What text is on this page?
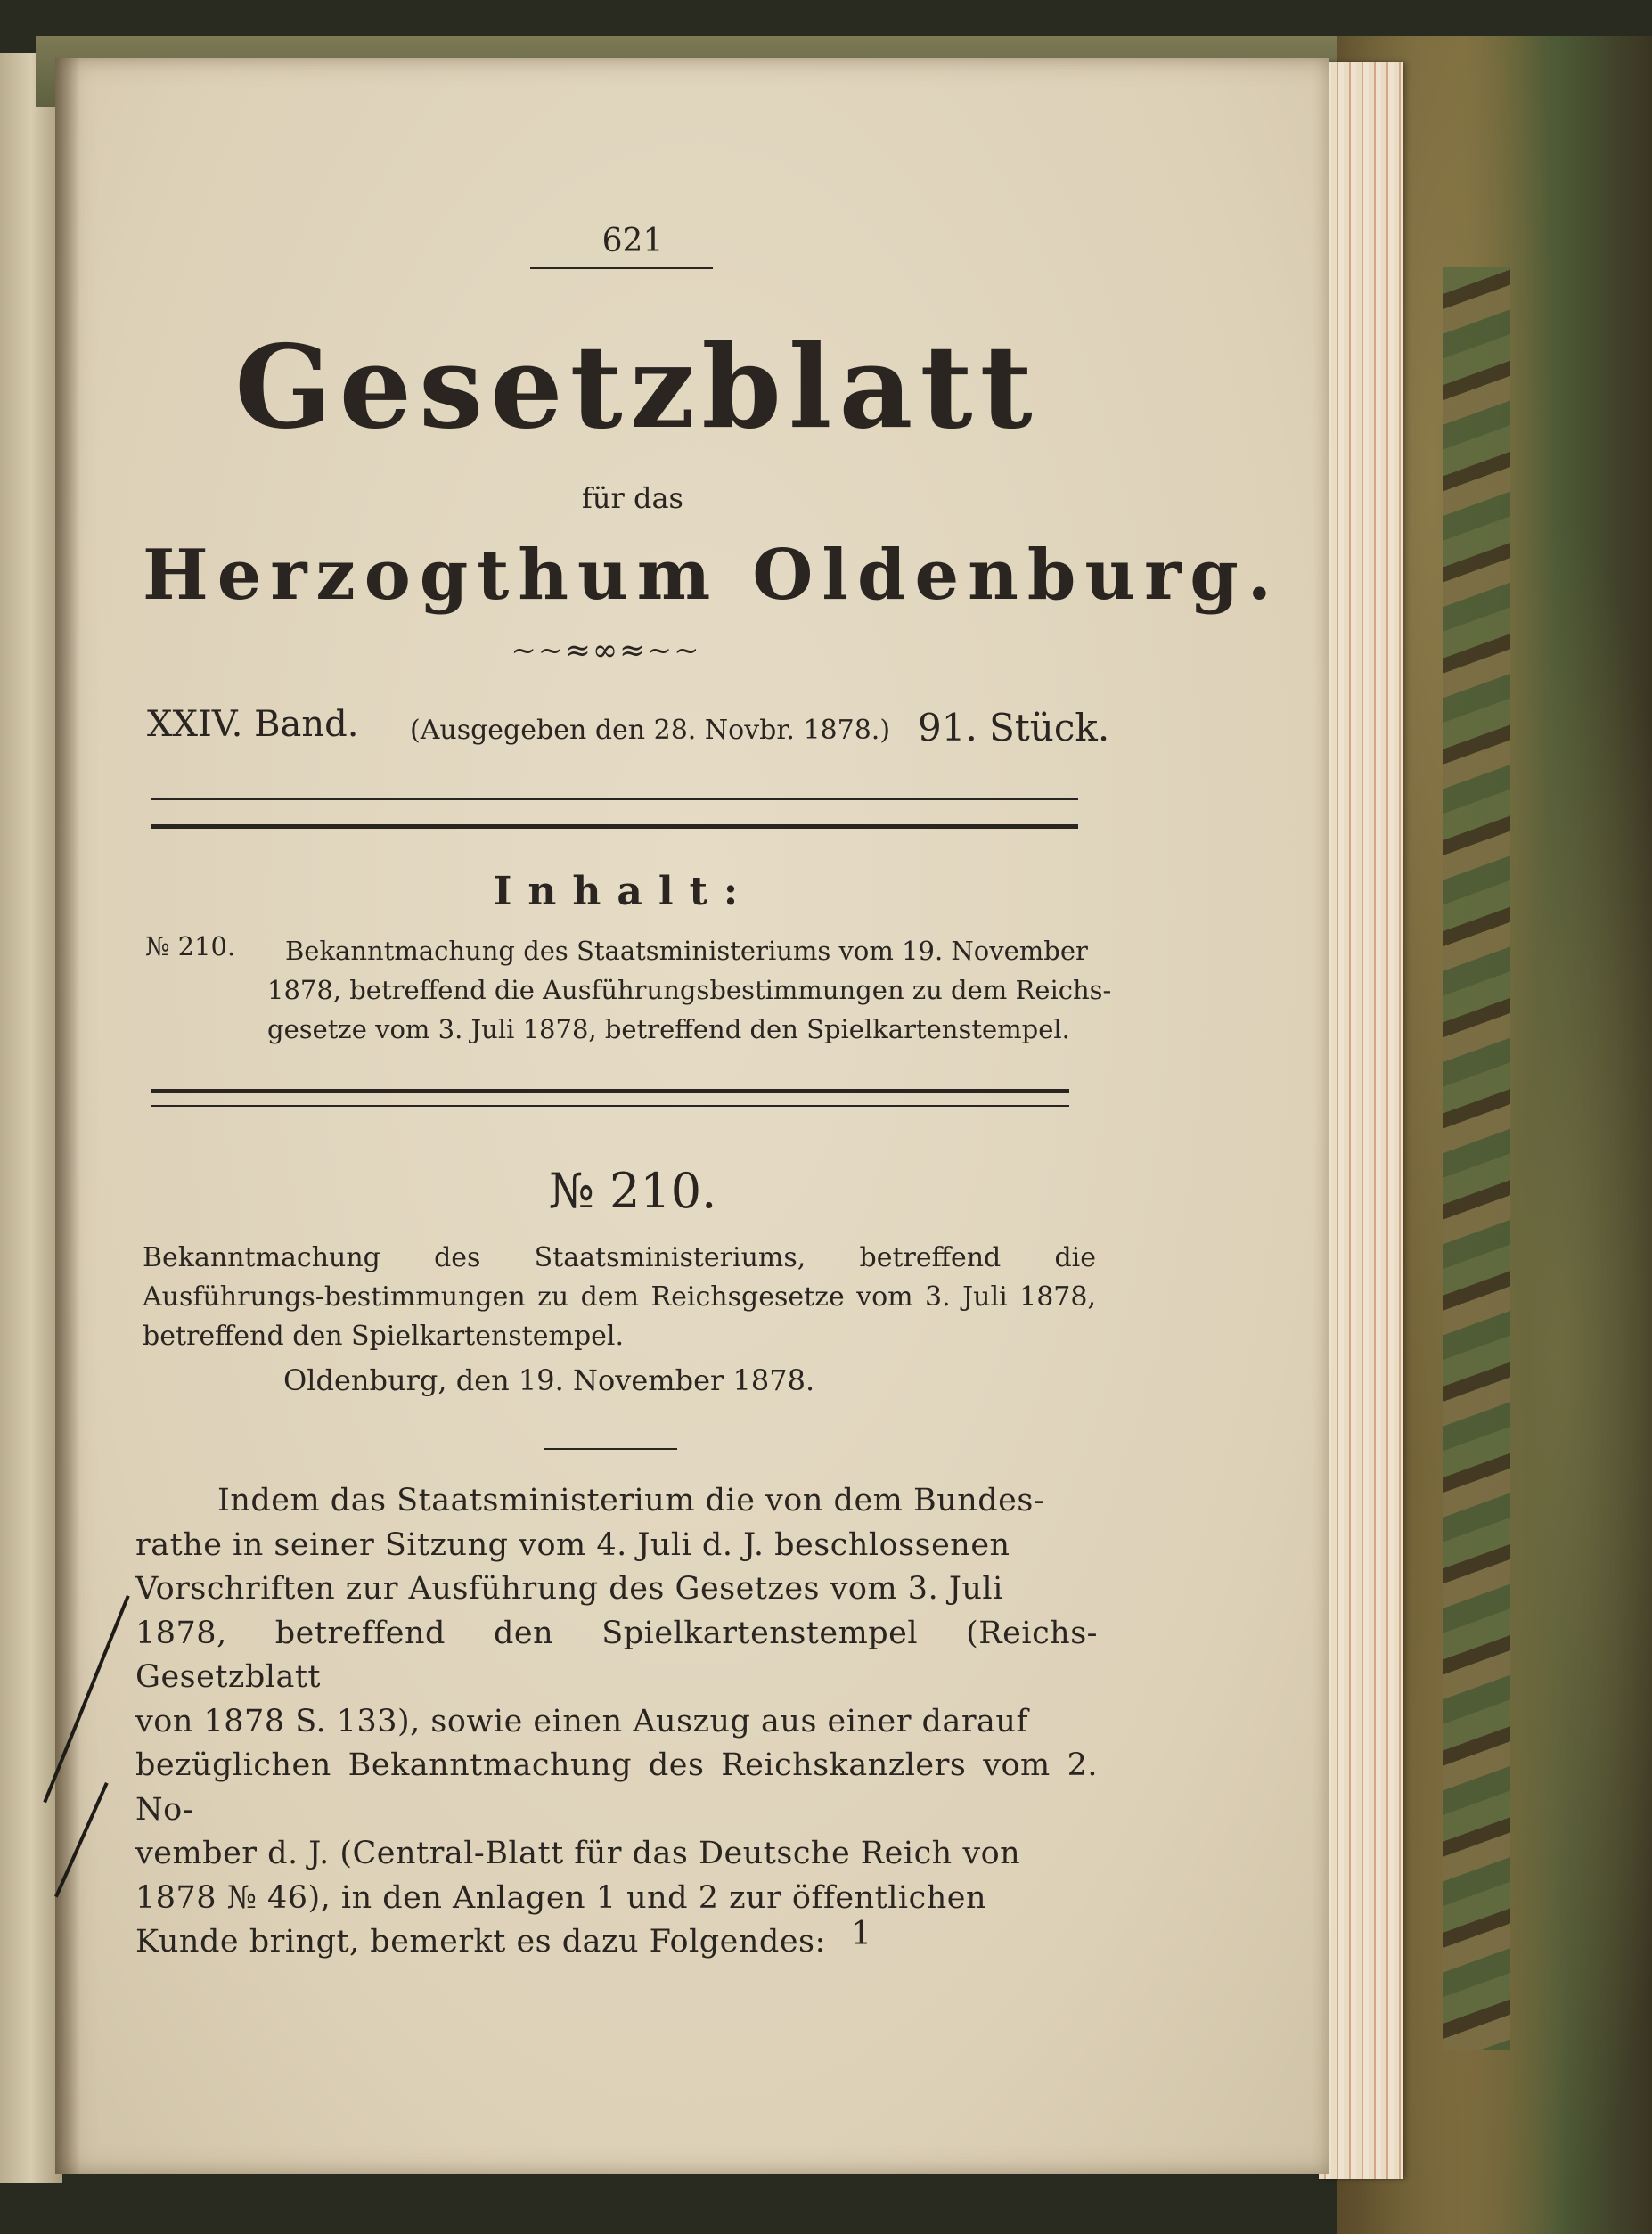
621
Gesetzblatt
für das
Herzogthum Oldenburg.
~~≈∞≈~~
XXIV. Band. (Ausgegeben den 28. Novbr. 1878.) 91. Stück.
Inhalt:
№ 210. Bekanntmachung des Staatsministeriums vom 19. November
1878, betreffend die Ausführungsbestimmungen zu dem Reichs-
gesetze vom 3. Juli 1878, betreffend den Spielkartenstempel.
№ 210.
Bekanntmachung des Staatsministeriums, betreffend die Ausführungs-bestimmungen zu dem Reichsgesetze vom 3. Juli 1878, betreffend den Spielkartenstempel.
Oldenburg, den 19. November 1878.

Indem das Staatsministerium die von dem Bundes-

rathe in seiner Sitzung vom 4. Juli d. J. beschlossenen

Vorschriften zur Ausführung des Gesetzes vom 3. Juli

1878, betreffend den Spielkartenstempel (Reichs-Gesetzblatt

von 1878 S. 133), sowie einen Auszug aus einer darauf

bezüglichen Bekanntmachung des Reichskanzlers vom 2. No-

vember d. J. (Central-Blatt für das Deutsche Reich von

1878 № 46), in den Anlagen 1 und 2 zur öffentlichen

Kunde bringt, bemerkt es dazu Folgendes: 1
